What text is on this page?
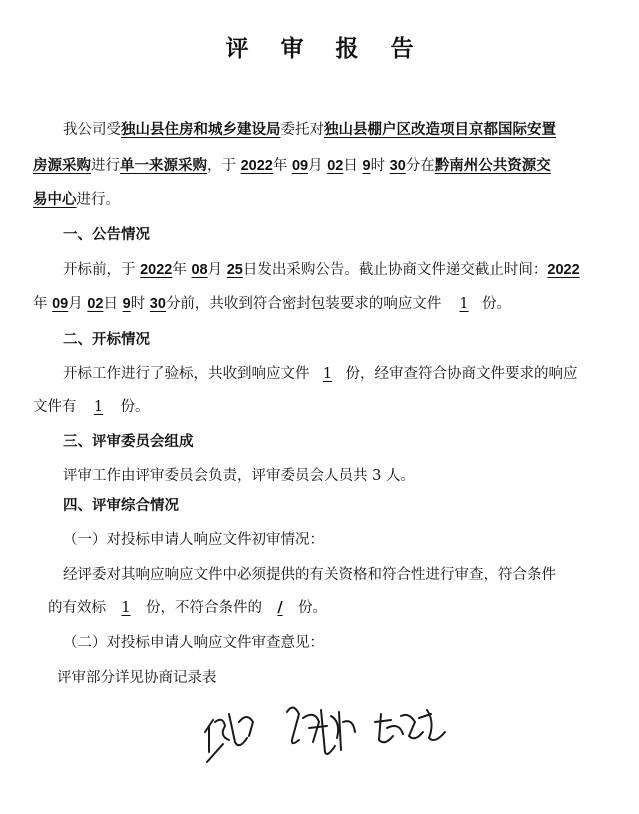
评 审 报 告
我公司受独山县住房和城乡建设局委托对独山县棚户区改造项目京都国际安置
房源采购进行单一来源采购，于 2022年 09月 02日 9时 30分在黔南州公共资源交
易中心进行。
一、公告情况
开标前，于 2022年 08月 25日发出采购公告。截止协商文件递交截止时间：2022
年 09月 02日 9时 30分前，共收到符合密封包装要求的响应文件 1 份。
二、开标情况
开标工作进行了验标，共收到响应文件 1 份，经审查符合协商文件要求的响应
文件有 1 份。
三、评审委员会组成
评审工作由评审委员会负责，评审委员会人员共 3 人。
四、评审综合情况
（一）对投标申请人响应文件初审情况：
经评委对其响应响应文件中必须提供的有关资格和符合性进行审查，符合条件
的有效标 1 份，不符合条件的 / 份。
（二）对投标申请人响应文件审查意见：
评审部分详见协商记录表
